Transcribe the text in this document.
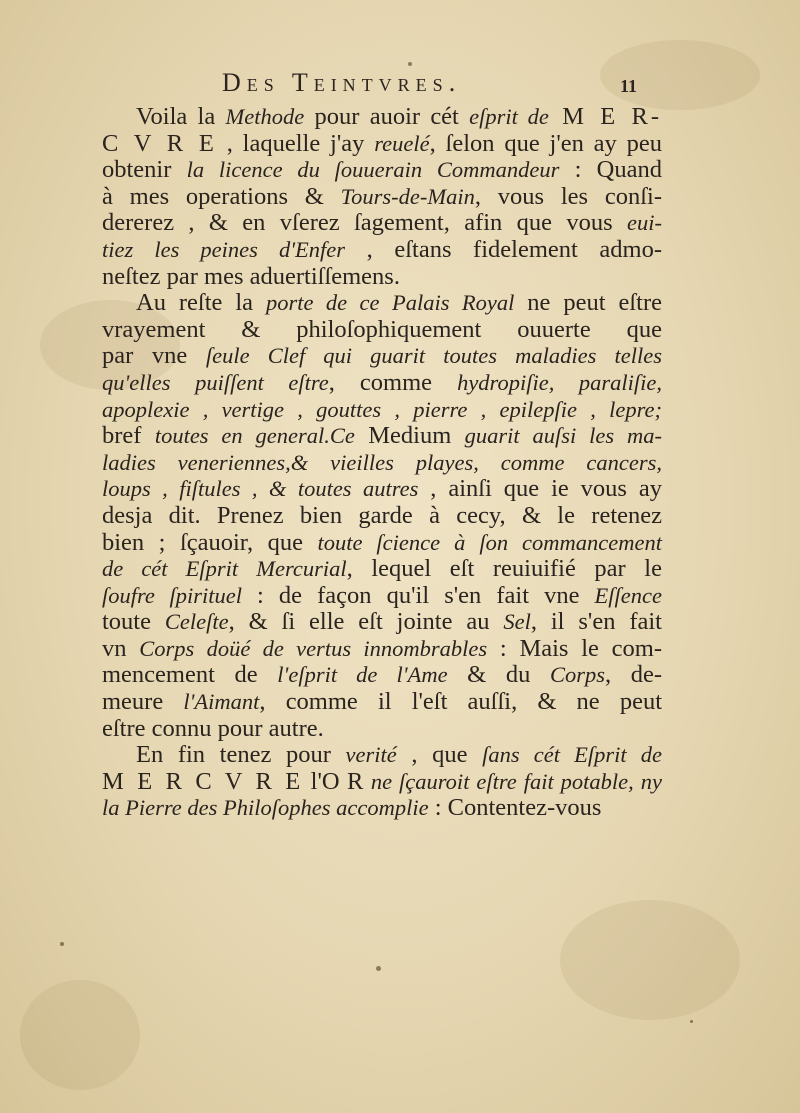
Des Teintvres.	11
Voila la Methode pour auoir cét eſprit de M E R-
C V R E , laquelle j'ay reuelé, ſelon que j'en ay peu
obtenir la licence du ſouuerain Commandeur : Quand
à mes operations & Tours-de-Main, vous les conſi-
dererez , & en vſerez ſagement, afin que vous eui-
tiez les peines d'Enfer , eſtans fidelement admo-
neſtez par mes aduertiſſemens.
Au reſte la porte de ce Palais Royal ne peut eſtre
vrayement & philoſophiquement ouuerte que
par vne ſeule Clef qui guarit toutes maladies telles
qu'elles puiſſent eſtre, comme hydropiſie, paraliſie,
apoplexie , vertige , gouttes , pierre , epilepſie , lepre;
bref toutes en general.Ce Medium guarit auſsi les ma-
ladies veneriennes,& vieilles playes, comme cancers,
loups , fiſtules , & toutes autres , ainſi que ie vous ay
desja dit. Prenez bien garde à cecy, & le retenez
bien ; ſçauoir, que toute ſcience à ſon commancement
de cét Eſprit Mercurial, lequel eſt reuiuifié par le
ſoufre ſpirituel : de façon qu'il s'en fait vne Eſſence
toute Celeſte, & ſi elle eſt jointe au Sel, il s'en fait
vn Corps doüé de vertus innombrables : Mais le com-
mencement de l'eſprit de l'Ame & du Corps, de-
meure l'Aimant, comme il l'eſt auſſi, & ne peut
eſtre connu pour autre.
En fin tenez pour verité , que ſans cét Eſprit de
M E R C V R E l'O R ne ſçauroit eſtre fait potable, ny
la Pierre des Philoſophes accomplie : Contentez-vous
